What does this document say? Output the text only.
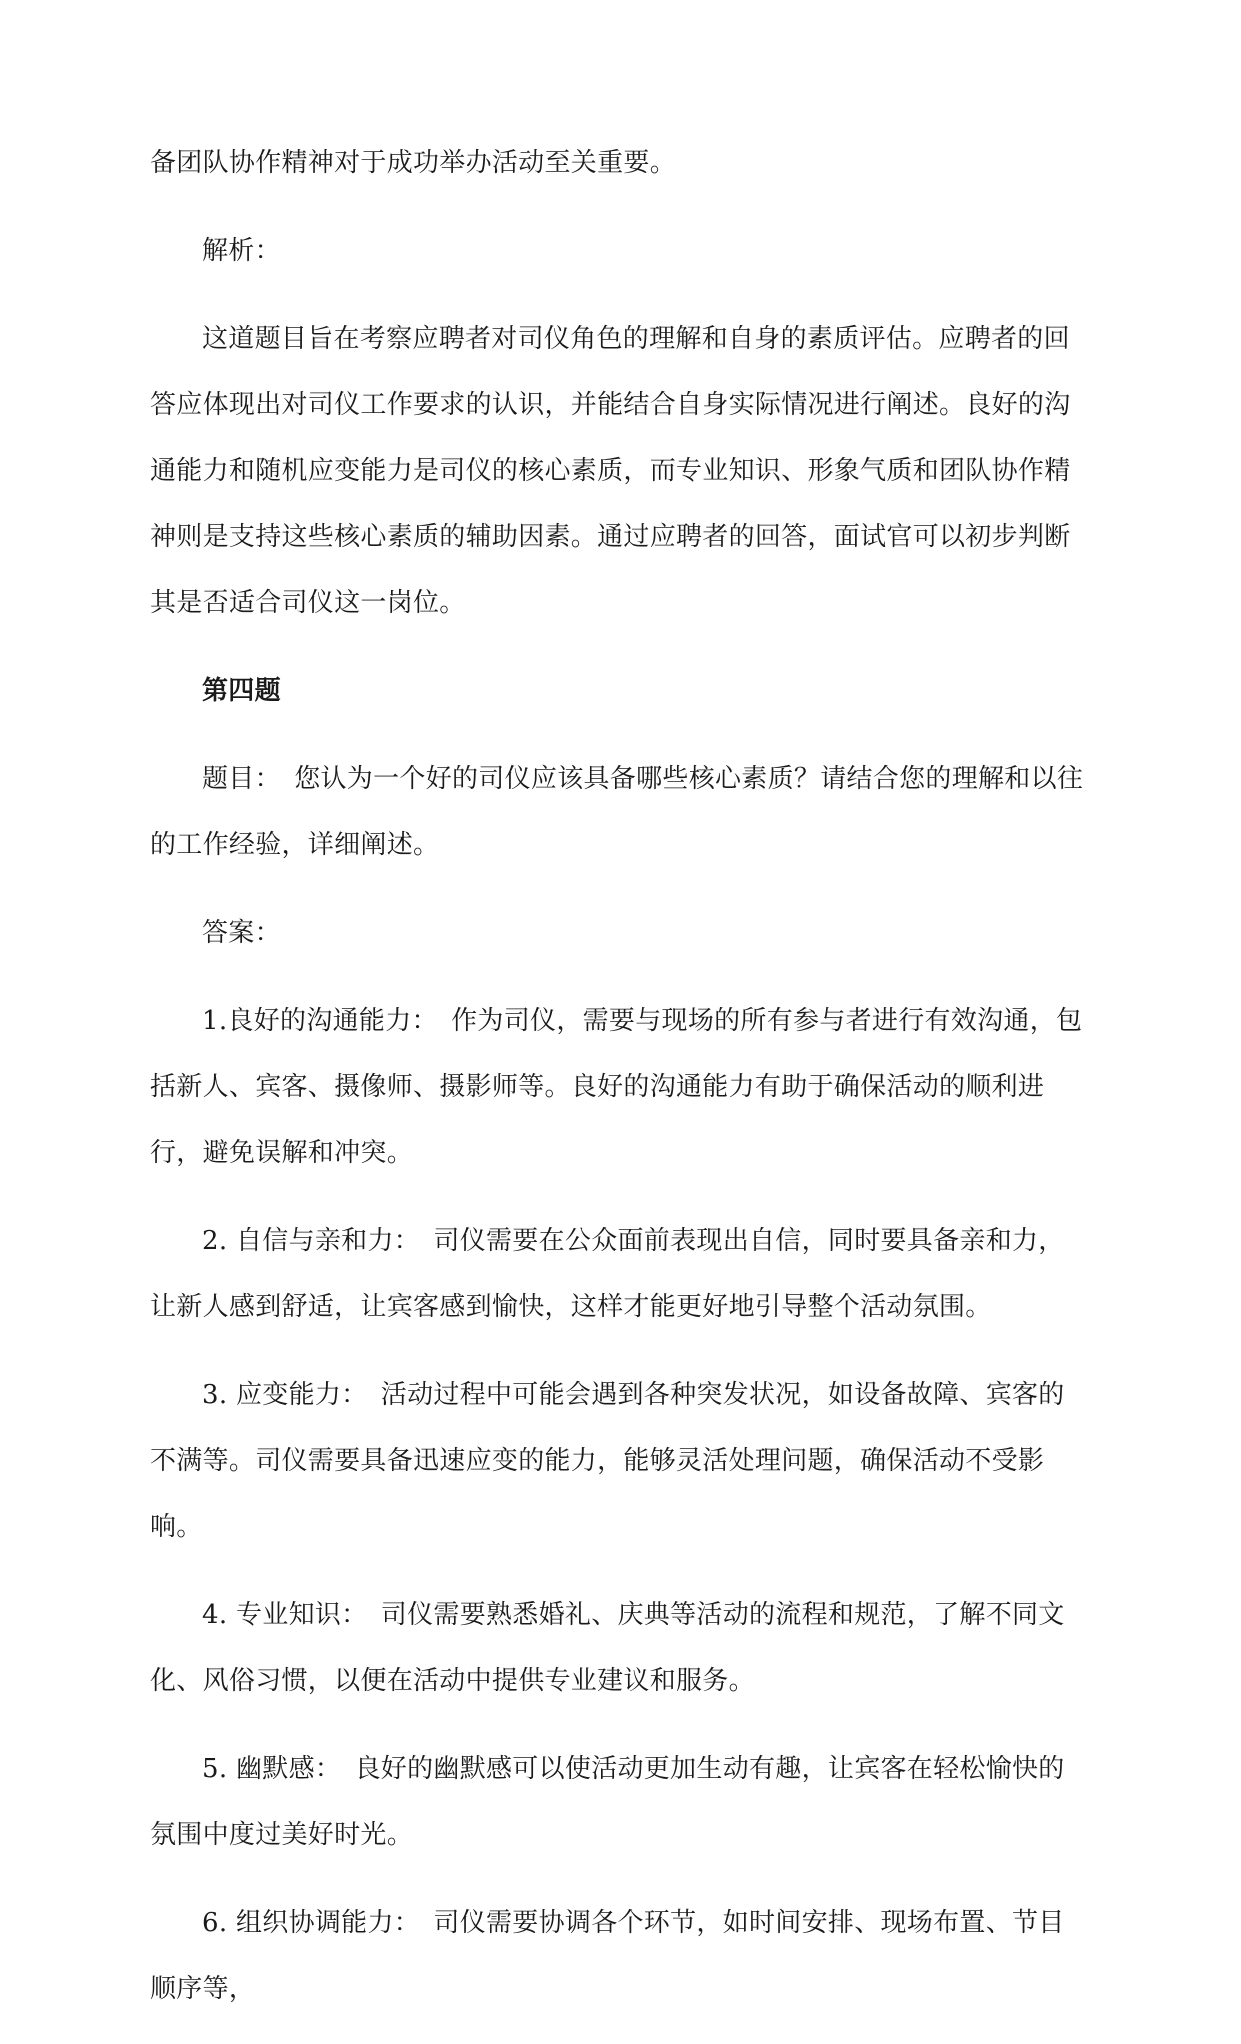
备团队协作精神对于成功举办活动至关重要。

解析：

这道题目旨在考察应聘者对司仪角色的理解和自身的素质评估。应聘者的回答应体现出对司仪工作要求的认识，并能结合自身实际情况进行阐述。良好的沟通能力和随机应变能力是司仪的核心素质，而专业知识、形象气质和团队协作精神则是支持这些核心素质的辅助因素。通过应聘者的回答，面试官可以初步判断其是否适合司仪这一岗位。

第四题

题目：　您认为一个好的司仪应该具备哪些核心素质？请结合您的理解和以往的工作经验，详细阐述。

答案：

1.良好的沟通能力：　作为司仪，需要与现场的所有参与者进行有效沟通，包括新人、宾客、摄像师、摄影师等。良好的沟通能力有助于确保活动的顺利进行，避免误解和冲突。

2. 自信与亲和力：　司仪需要在公众面前表现出自信，同时要具备亲和力，让新人感到舒适，让宾客感到愉快，这样才能更好地引导整个活动氛围。

3. 应变能力：　活动过程中可能会遇到各种突发状况，如设备故障、宾客的不满等。司仪需要具备迅速应变的能力，能够灵活处理问题，确保活动不受影响。

4. 专业知识：　司仪需要熟悉婚礼、庆典等活动的流程和规范，了解不同文化、风俗习惯，以便在活动中提供专业建议和服务。

5. 幽默感：　良好的幽默感可以使活动更加生动有趣，让宾客在轻松愉快的氛围中度过美好时光。

6. 组织协调能力：　司仪需要协调各个环节，如时间安排、现场布置、节目顺序等，
